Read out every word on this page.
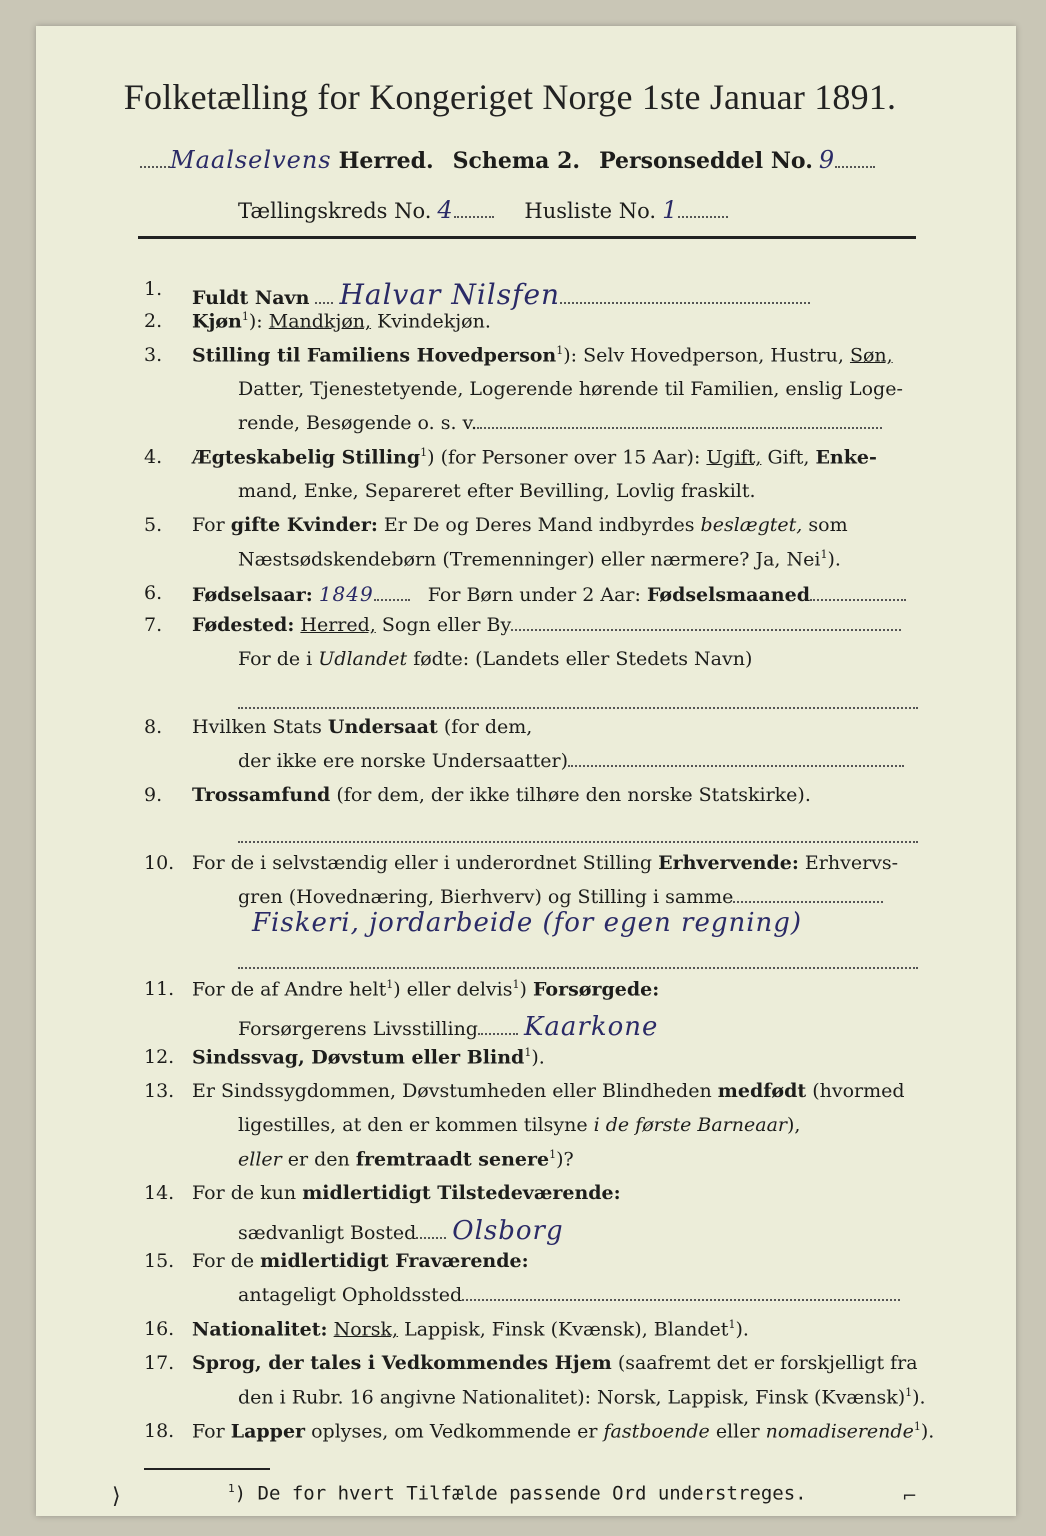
Folketælling for Kongeriget Norge 1ste Januar 1891.
Maalselvens Herred. Schema 2. Personseddel No. 9
Tællingskreds No. 4	Husliste No. 1
1. Fuldt Navn Halvar Nilsfen
2. Kjøn$^1$): Mandkjøn, Kvindekjøn.
3. Stilling til Familiens Hovedperson$^1$): Selv Hovedperson, Hustru, Søn,
Datter, Tjenestetyende, Logerende hørende til Familien, enslig Loge-
rende, Besøgende o. s. v.
4. Ægteskabelig Stilling$^1$) (for Personer over 15 Aar): Ugift, Gift, Enke-
mand, Enke, Separeret efter Bevilling, Lovlig fraskilt.
5. For gifte Kvinder: Er De og Deres Mand indbyrdes beslægtet, som
Næstsødskendebørn (Tremenninger) eller nærmere? Ja, Nei$^1$).
6. Fødselsaar: 1849	For Børn under 2 Aar: Fødselsmaaned
7. Fødested: Herred, Sogn eller By
For de i Udlandet fødte: (Landets eller Stedets Navn)
8. Hvilken Stats Undersaat (for dem,
der ikke ere norske Undersaatter)
9. Trossamfund (for dem, der ikke tilhøre den norske Statskirke).
10. For de i selvstændig eller i underordnet Stilling Erhvervende: Erhvervs-
gren (Hovednæring, Bierhverv) og Stilling i samme
Fiskeri, jordarbeide (for egen regning)
11. For de af Andre helt$^1$) eller delvis$^1$) Forsørgede:
Forsørgerens Livsstilling Kaarkone
12. Sindssvag, Døvstum eller Blind$^1$).
13. Er Sindssygdommen, Døvstumheden eller Blindheden medfødt (hvormed
ligestilles, at den er kommen tilsyne i de første Barneaar),
eller er den fremtraadt senere$^1$)?
14. For de kun midlertidigt Tilstedeværende:
sædvanligt Bosted Olsborg
15. For de midlertidigt Fraværende:
antageligt Opholdssted
16. Nationalitet: Norsk, Lappisk, Finsk (Kvænsk), Blandet$^1$).
17. Sprog, der tales i Vedkommendes Hjem (saafremt det er forskjelligt fra
den i Rubr. 16 angivne Nationalitet): Norsk, Lappisk, Finsk (Kvænsk)$^1$).
18. For Lapper oplyses, om Vedkommende er fastboende eller nomadiserende$^1$).
$^1$) De for hvert Tilfælde passende Ord understreges.
⟩	⌐
